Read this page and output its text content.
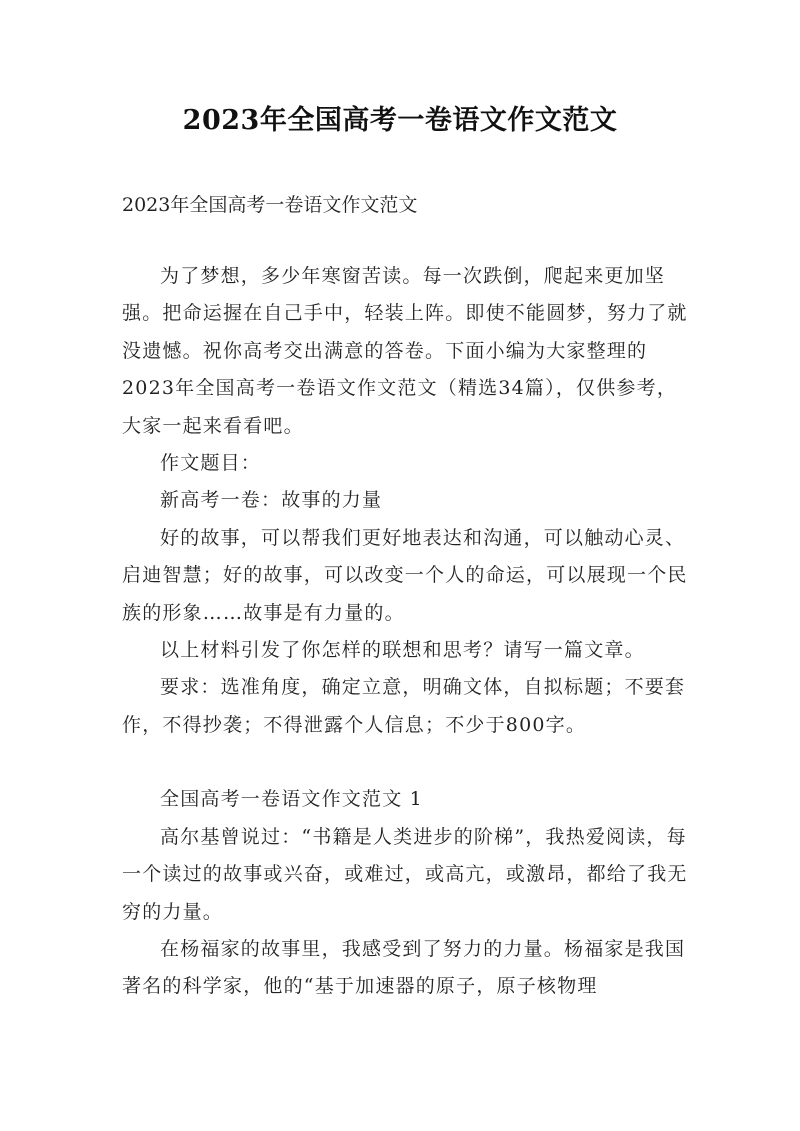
2023年全国高考一卷语文作文范文
2023年全国高考一卷语文作文范文

为了梦想，多少年寒窗苦读。每一次跌倒，爬起来更加坚强。把命运握在自己手中，轻装上阵。即使不能圆梦，努力了就没遗憾。祝你高考交出满意的答卷。下面小编为大家整理的2023年全国高考一卷语文作文范文（精选34篇），仅供参考，大家一起来看看吧。

作文题目：

新高考一卷：故事的力量

好的故事，可以帮我们更好地表达和沟通，可以触动心灵、启迪智慧；好的故事，可以改变一个人的命运，可以展现一个民族的形象……故事是有力量的。

以上材料引发了你怎样的联想和思考？请写一篇文章。

要求：选准角度，确定立意，明确文体，自拟标题；不要套作，不得抄袭；不得泄露个人信息；不少于800字。

全国高考一卷语文作文范文 1

高尔基曾说过：“书籍是人类进步的阶梯”，我热爱阅读，每一个读过的故事或兴奋，或难过，或高亢，或激昂，都给了我无穷的力量。

在杨福家的故事里，我感受到了努力的力量。杨福家是我国著名的科学家，他的“基于加速器的原子，原子核物理
